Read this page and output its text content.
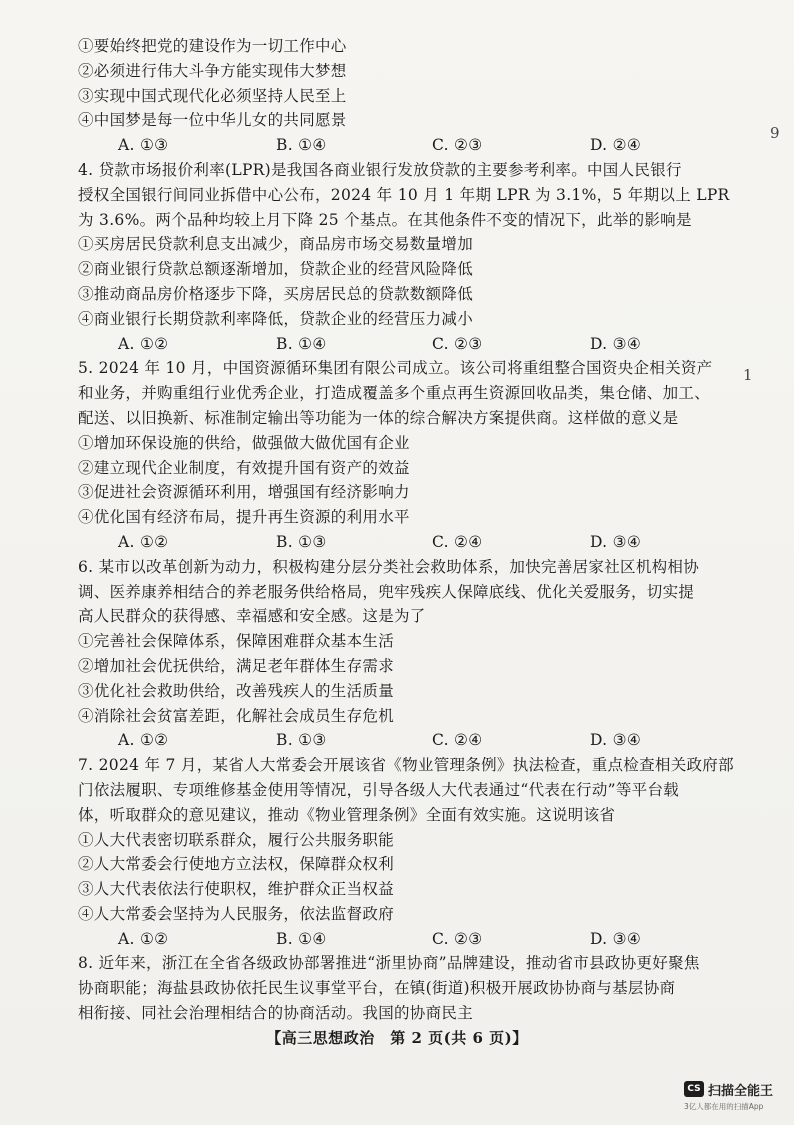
①要始终把党的建设作为一切工作中心
②必须进行伟大斗争方能实现伟大梦想
③实现中国式现代化必须坚持人民至上
④中国梦是每一位中华儿女的共同愿景
A. ①③	B. ①④	C. ②③	D. ②④
4. 贷款市场报价利率(LPR)是我国各商业银行发放贷款的主要参考利率。中国人民银行
授权全国银行间同业拆借中心公布，2024 年 10 月 1 年期 LPR 为 3.1%，5 年期以上 LPR
为 3.6%。两个品种均较上月下降 25 个基点。在其他条件不变的情况下，此举的影响是
①买房居民贷款利息支出减少，商品房市场交易数量增加
②商业银行贷款总额逐渐增加，贷款企业的经营风险降低
③推动商品房价格逐步下降，买房居民总的贷款数额降低
④商业银行长期贷款利率降低，贷款企业的经营压力减小
A. ①②	B. ①④	C. ②③	D. ③④
5. 2024 年 10 月，中国资源循环集团有限公司成立。该公司将重组整合国资央企相关资产
和业务，并购重组行业优秀企业，打造成覆盖多个重点再生资源回收品类，集仓储、加工、
配送、以旧换新、标准制定输出等功能为一体的综合解决方案提供商。这样做的意义是
①增加环保设施的供给，做强做大做优国有企业
②建立现代企业制度，有效提升国有资产的效益
③促进社会资源循环利用，增强国有经济影响力
④优化国有经济布局，提升再生资源的利用水平
A. ①②	B. ①③	C. ②④	D. ③④
6. 某市以改革创新为动力，积极构建分层分类社会救助体系，加快完善居家社区机构相协
调、医养康养相结合的养老服务供给格局，兜牢残疾人保障底线、优化关爱服务，切实提
高人民群众的获得感、幸福感和安全感。这是为了
①完善社会保障体系，保障困难群众基本生活
②增加社会优抚供给，满足老年群体生存需求
③优化社会救助供给，改善残疾人的生活质量
④消除社会贫富差距，化解社会成员生存危机
A. ①②	B. ①③	C. ②④	D. ③④
7. 2024 年 7 月，某省人大常委会开展该省《物业管理条例》执法检查，重点检查相关政府部
门依法履职、专项维修基金使用等情况，引导各级人大代表通过“代表在行动”等平台载
体，听取群众的意见建议，推动《物业管理条例》全面有效实施。这说明该省
①人大代表密切联系群众，履行公共服务职能
②人大常委会行使地方立法权，保障群众权利
③人大代表依法行使职权，维护群众正当权益
④人大常委会坚持为人民服务，依法监督政府
A. ①②	B. ①④	C. ②③	D. ③④
8. 近年来，浙江在全省各级政协部署推进“浙里协商”品牌建设，推动省市县政协更好聚焦
协商职能；海盐县政协依托民生议事堂平台，在镇(街道)积极开展政协协商与基层协商
相衔接、同社会治理相结合的协商活动。我国的协商民主
9
1
【高三思想政治　第 2 页(共 6 页)】
CS 扫描全能王
3亿人都在用的扫描App
